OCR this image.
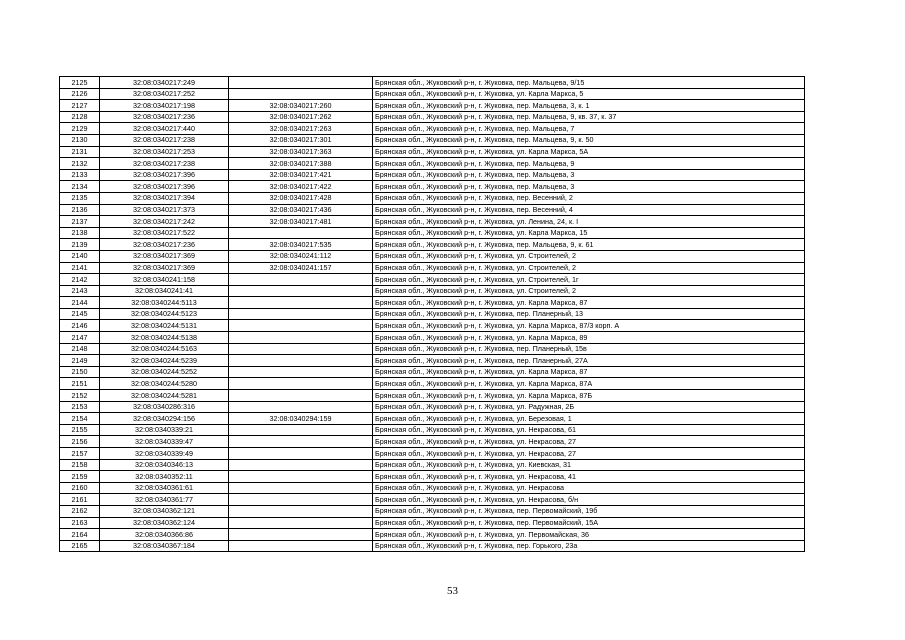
2125	32:08:0340217:249		Брянская обл., Жуковский р-н, г. Жуковка, пер. Мальцева, 9/15
2126	32:08:0340217:252		Брянская обл., Жуковский р-н, г. Жуковка, ул. Карла Маркса, 5
2127	32:08:0340217:198	32:08:0340217:260	Брянская обл., Жуковский р-н, г. Жуковка, пер. Мальцева, 3, к. 1
2128	32:08:0340217:236	32:08:0340217:262	Брянская обл., Жуковский р-н, г. Жуковка, пер. Мальцева, 9, кв. 37, к. 37
2129	32:08:0340217:440	32:08:0340217:263	Брянская обл., Жуковский р-н, г. Жуковка, пер. Мальцева, 7
2130	32:08:0340217:238	32:08:0340217:301	Брянская обл., Жуковский р-н, г. Жуковка, пер. Мальцева, 9, к. 50
2131	32:08:0340217:253	32:08:0340217:363	Брянская обл., Жуковский р-н, г. Жуковка, ул. Карла Маркса, 5А
2132	32:08:0340217:238	32:08:0340217:388	Брянская обл., Жуковский р-н, г. Жуковка, пер. Мальцева, 9
2133	32:08:0340217:396	32:08:0340217:421	Брянская обл., Жуковский р-н, г. Жуковка, пер. Мальцева, 3
2134	32:08:0340217:396	32:08:0340217:422	Брянская обл., Жуковский р-н, г. Жуковка, пер. Мальцева, 3
2135	32:08:0340217:394	32:08:0340217:428	Брянская обл., Жуковский р-н, г. Жуковка, пер. Весенний, 2
2136	32:08:0340217:373	32:08:0340217:436	Брянская обл., Жуковский р-н, г. Жуковка, пер. Весенний, 4
2137	32:08:0340217:242	32:08:0340217:481	Брянская обл., Жуковский р-н, г. Жуковка, ул. Ленина, 24, к. I
2138	32:08:0340217:522		Брянская обл., Жуковский р-н, г. Жуковка, ул. Карла Маркса, 15
2139	32:08:0340217:236	32:08:0340217:535	Брянская обл., Жуковский р-н, г. Жуковка, пер. Мальцева, 9, к. 61
2140	32:08:0340217:369	32:08:0340241:112	Брянская обл., Жуковский р-н, г. Жуковка, ул. Строителей, 2
2141	32:08:0340217:369	32:08:0340241:157	Брянская обл., Жуковский р-н, г. Жуковка, ул. Строителей, 2
2142	32:08:0340241:158		Брянская обл., Жуковский р-н, г. Жуковка, ул. Строителей, 1г
2143	32:08:0340241:41		Брянская обл., Жуковский р-н, г. Жуковка, ул. Строителей, 2
2144	32:08:0340244:5113		Брянская обл., Жуковский р-н, г. Жуковка, ул. Карла Маркса, 87
2145	32:08:0340244:5123		Брянская обл., Жуковский р-н, г. Жуковка, пер. Планерный, 13
2146	32:08:0340244:5131		Брянская обл., Жуковский р-н, г. Жуковка, ул. Карла Маркса, 87/3 корп. А
2147	32:08:0340244:5138		Брянская обл., Жуковский р-н, г. Жуковка, ул. Карла Маркса, 89
2148	32:08:0340244:5163		Брянская обл., Жуковский р-н, г. Жуковка, пер. Планерный, 15в
2149	32:08:0340244:5239		Брянская обл., Жуковский р-н, г. Жуковка, пер. Планерный, 27А
2150	32:08:0340244:5252		Брянская обл., Жуковский р-н, г. Жуковка, ул. Карла Маркса, 87
2151	32:08:0340244:5280		Брянская обл., Жуковский р-н, г. Жуковка, ул. Карла Маркса, 87А
2152	32:08:0340244:5281		Брянская обл., Жуковский р-н, г. Жуковка, ул. Карла Маркса, 87Б
2153	32:08:0340286:316		Брянская обл., Жуковский р-н, г. Жуковка, ул. Радужная, 2Б
2154	32:08:0340294:156	32:08:0340294:159	Брянская обл., Жуковский р-н, г. Жуковка, ул. Березовая, 1
2155	32:08:0340339:21		Брянская обл., Жуковский р-н, г. Жуковка, ул. Некрасова, 61
2156	32:08:0340339:47		Брянская обл., Жуковский р-н, г. Жуковка, ул. Некрасова, 27
2157	32:08:0340339:49		Брянская обл., Жуковский р-н, г. Жуковка, ул. Некрасова, 27
2158	32:08:0340346:13		Брянская обл., Жуковский р-н, г. Жуковка, ул. Киевская, 31
2159	32:08:0340352:11		Брянская обл., Жуковский р-н, г. Жуковка, ул. Некрасова, 41
2160	32:08:0340361:61		Брянская обл., Жуковский р-н, г. Жуковка, ул. Некрасова
2161	32:08:0340361:77		Брянская обл., Жуковский р-н, г. Жуковка, ул. Некрасова, б/н
2162	32:08:0340362:121		Брянская обл., Жуковский р-н, г. Жуковка, пер. Первомайский, 19б
2163	32:08:0340362:124		Брянская обл., Жуковский р-н, г. Жуковка, пер. Первомайский, 15А
2164	32:08:0340366:86		Брянская обл., Жуковский р-н, г. Жуковка, ул. Первомайская, 36
2165	32:08:0340367:184		Брянская обл., Жуковский р-н, г. Жуковка, пер. Горького, 23а
53
